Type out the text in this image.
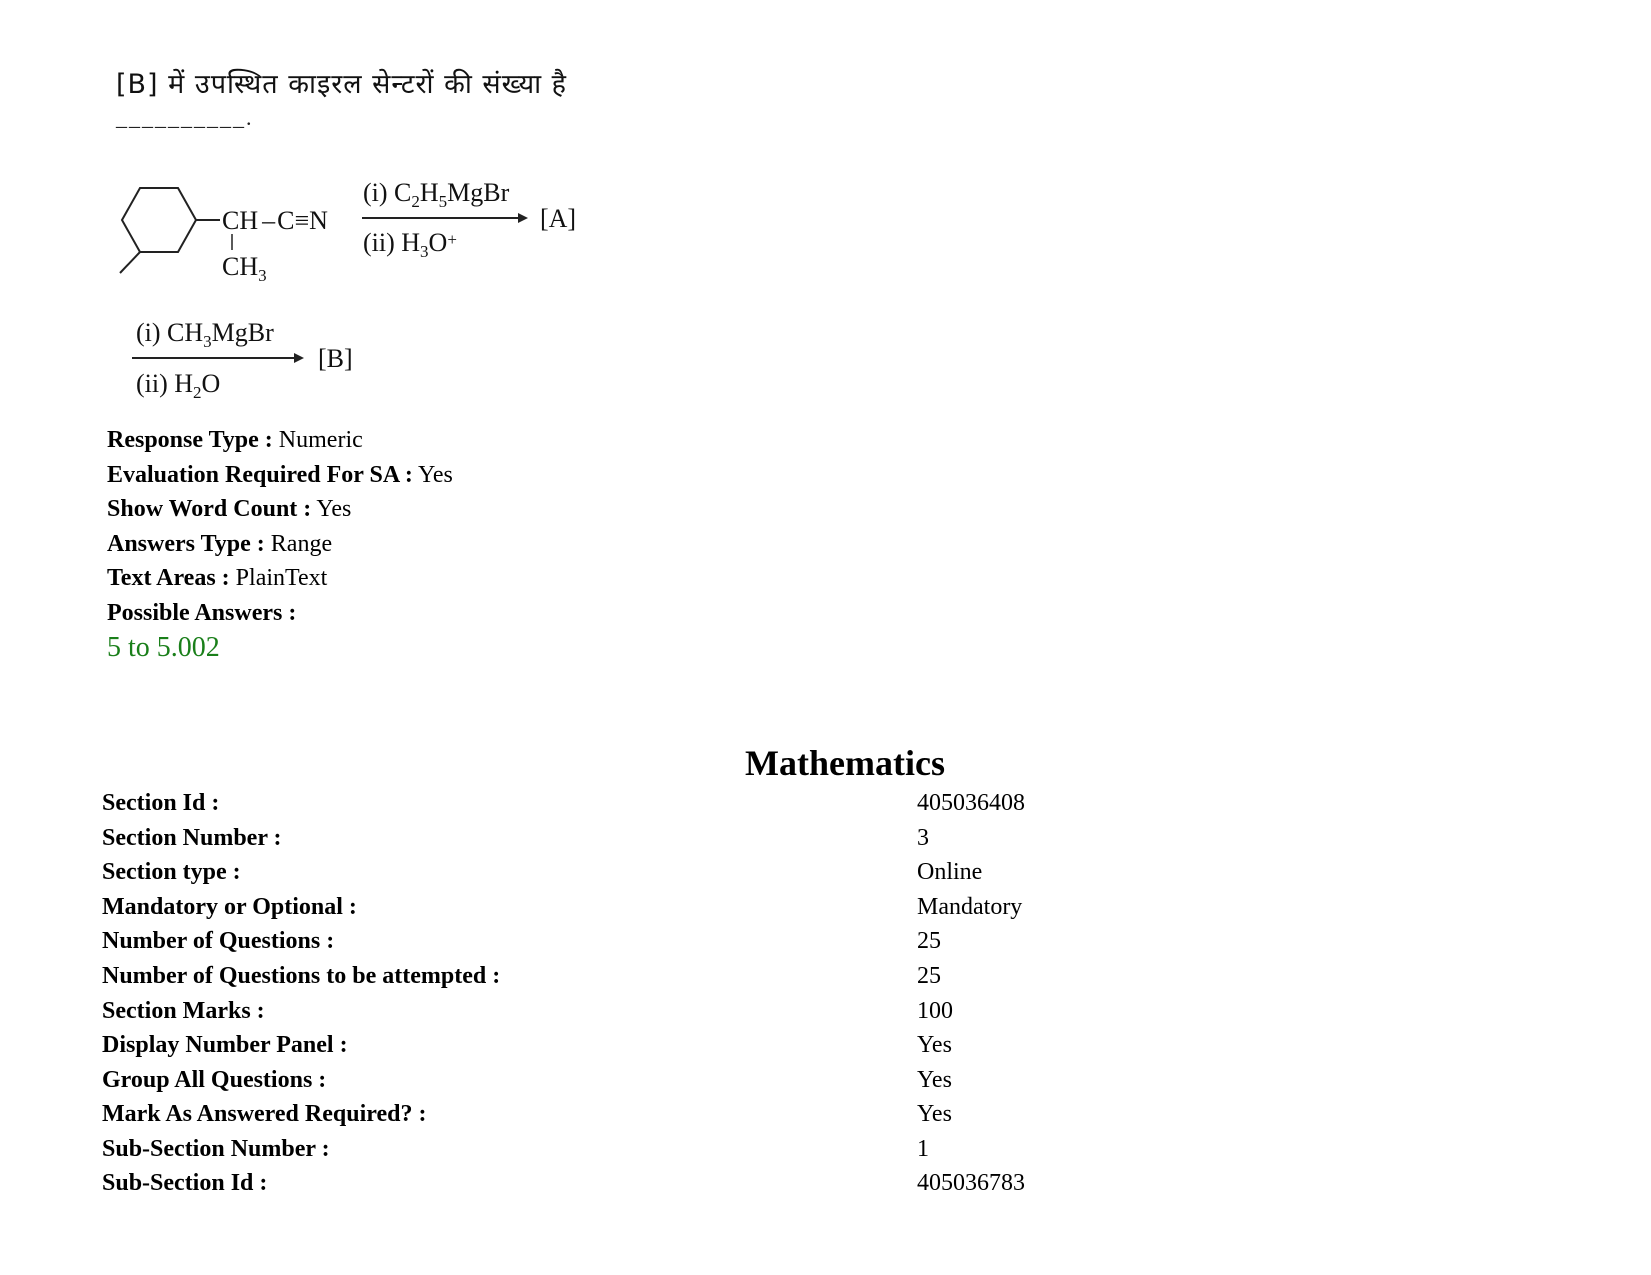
[B] में उपस्थित काइरल सेन्टरों की संख्या है
__________.
CH –C≡N
$CH_3$
(i) $C_2H_5MgBr$
(ii) $H_3O^+$
[A]
(i) $CH_3MgBr$
(ii) $H_2O$
[B]
Response Type : Numeric
Evaluation Required For SA : Yes
Show Word Count : Yes
Answers Type : Range
Text Areas : PlainText
Possible Answers :
5 to 5.002
Mathematics
Section Id :	405036408
Section Number :	3
Section type :	Online
Mandatory or Optional :	Mandatory
Number of Questions :	25
Number of Questions to be attempted :	25
Section Marks :	100
Display Number Panel :	Yes
Group All Questions :	Yes
Mark As Answered Required? :	Yes
Sub-Section Number :	1
Sub-Section Id :	405036783
